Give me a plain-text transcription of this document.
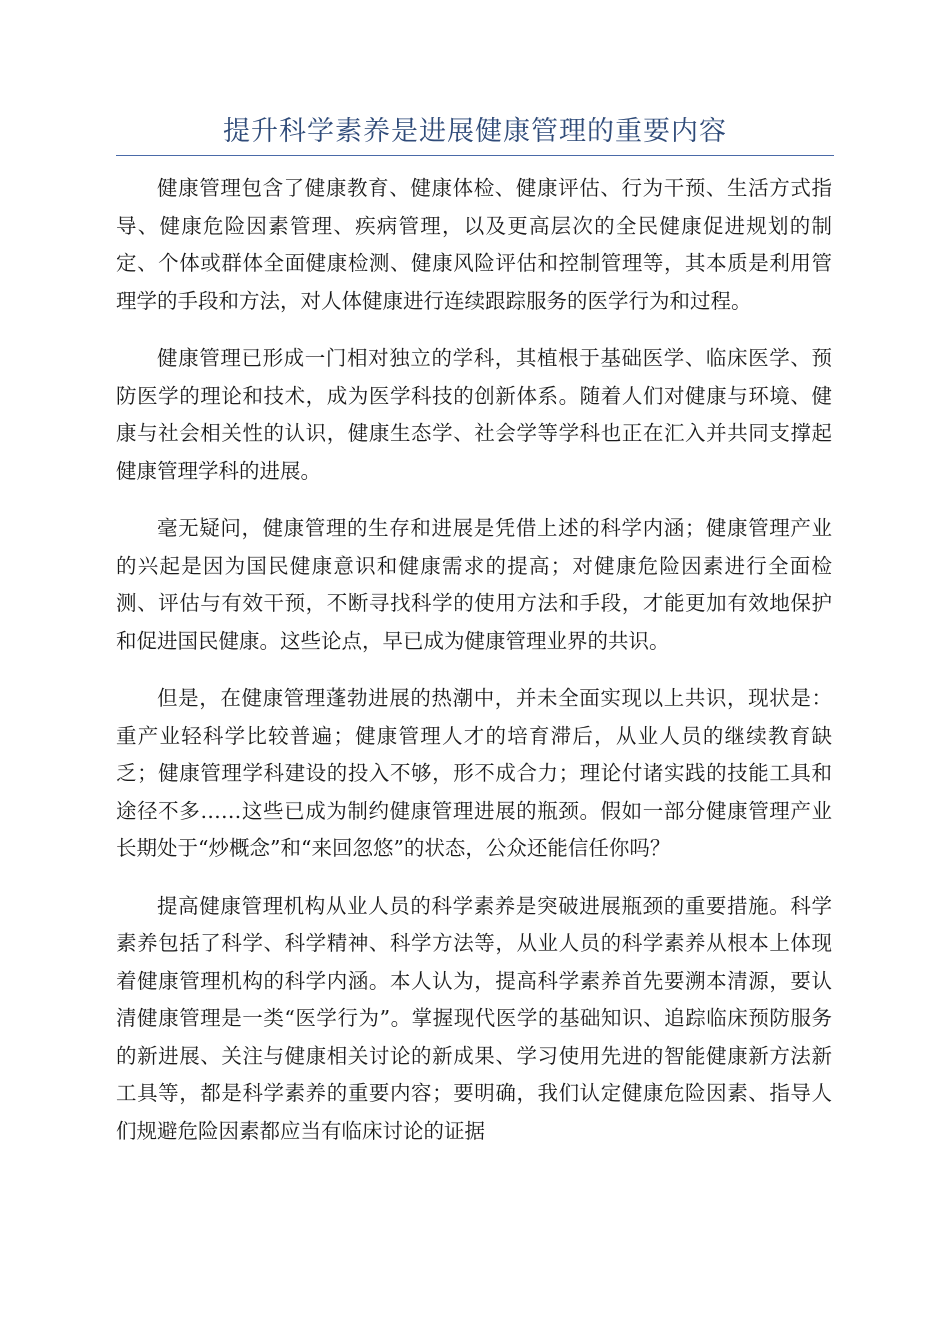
提升科学素养是进展健康管理的重要内容

健康管理包含了健康教育、健康体检、健康评估、行为干预、生活方式指导、健康危险因素管理、疾病管理，以及更高层次的全民健康促进规划的制定、个体或群体全面健康检测、健康风险评估和控制管理等，其本质是利用管理学的手段和方法，对人体健康进行连续跟踪服务的医学行为和过程。

健康管理已形成一门相对独立的学科，其植根于基础医学、临床医学、预防医学的理论和技术，成为医学科技的创新体系。随着人们对健康与环境、健康与社会相关性的认识，健康生态学、社会学等学科也正在汇入并共同支撑起健康管理学科的进展。

毫无疑问，健康管理的生存和进展是凭借上述的科学内涵；健康管理产业的兴起是因为国民健康意识和健康需求的提高；对健康危险因素进行全面检测、评估与有效干预，不断寻找科学的使用方法和手段，才能更加有效地保护和促进国民健康。这些论点，早已成为健康管理业界的共识。

但是，在健康管理蓬勃进展的热潮中，并未全面实现以上共识，现状是：重产业轻科学比较普遍；健康管理人才的培育滞后，从业人员的继续教育缺乏；健康管理学科建设的投入不够，形不成合力；理论付诸实践的技能工具和途径不多……这些已成为制约健康管理进展的瓶颈。假如一部分健康管理产业长期处于“炒概念”和“来回忽悠”的状态，公众还能信任你吗？

提高健康管理机构从业人员的科学素养是突破进展瓶颈的重要措施。科学素养包括了科学、科学精神、科学方法等，从业人员的科学素养从根本上体现着健康管理机构的科学内涵。本人认为，提高科学素养首先要溯本清源，要认清健康管理是一类“医学行为”。掌握现代医学的基础知识、追踪临床预防服务的新进展、关注与健康相关讨论的新成果、学习使用先进的智能健康新方法新工具等，都是科学素养的重要内容；要明确，我们认定健康危险因素、指导人们规避危险因素都应当有临床讨论的证据
